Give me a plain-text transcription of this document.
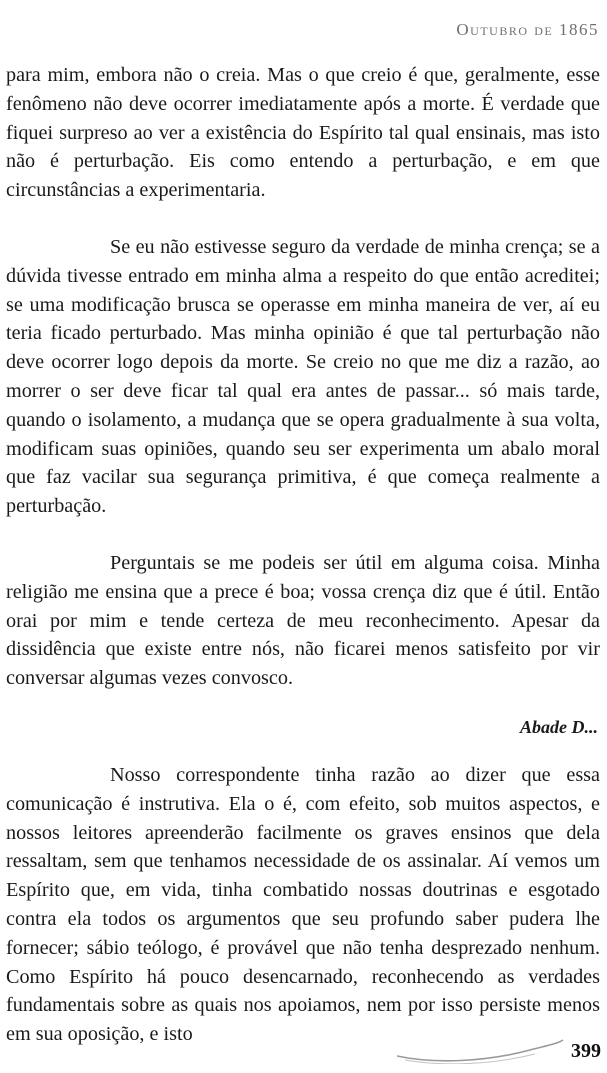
Outubro de 1865

para mim, embora não o creia. Mas o que creio é que, geralmente, esse fenômeno não deve ocorrer imediatamente após a morte. É verdade que fiquei surpreso ao ver a existência do Espírito tal qual ensinais, mas isto não é perturbação. Eis como entendo a perturbação, e em que circunstâncias a experimentaria.

Se eu não estivesse seguro da verdade de minha crença; se a dúvida tivesse entrado em minha alma a respeito do que então acreditei; se uma modificação brusca se operasse em minha maneira de ver, aí eu teria ficado perturbado. Mas minha opinião é que tal perturbação não deve ocorrer logo depois da morte. Se creio no que me diz a razão, ao morrer o ser deve ficar tal qual era antes de passar... só mais tarde, quando o isolamento, a mudança que se opera gradualmente à sua volta, modificam suas opiniões, quando seu ser experimenta um abalo moral que faz vacilar sua segurança primitiva, é que começa realmente a perturbação.

Perguntais se me podeis ser útil em alguma coisa. Minha religião me ensina que a prece é boa; vossa crença diz que é útil. Então orai por mim e tende certeza de meu reconhecimento. Apesar da dissidência que existe entre nós, não ficarei menos satisfeito por vir conversar algumas vezes convosco.

Abade D...

Nosso correspondente tinha razão ao dizer que essa comunicação é instrutiva. Ela o é, com efeito, sob muitos aspectos, e nossos leitores apreenderão facilmente os graves ensinos que dela ressaltam, sem que tenhamos necessidade de os assinalar. Aí vemos um Espírito que, em vida, tinha combatido nossas doutrinas e esgotado contra ela todos os argumentos que seu profundo saber pudera lhe fornecer; sábio teólogo, é provável que não tenha desprezado nenhum. Como Espírito há pouco desencarnado, reconhecendo as verdades fundamentais sobre as quais nos apoiamos, nem por isso persiste menos em sua oposição, e isto

399
